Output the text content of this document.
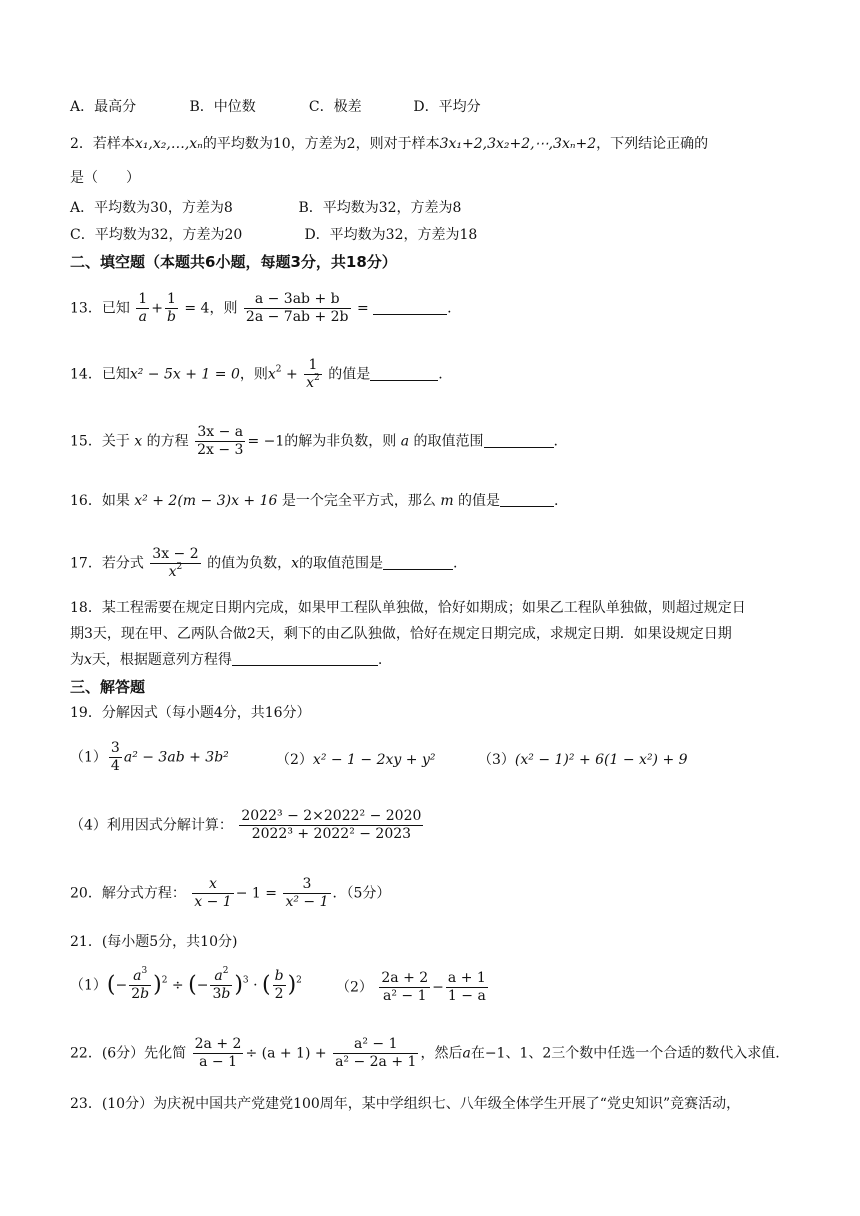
A．最高分	B．中位数	C．极差	D．平均分
2．若样本x₁,x₂,…,xₙ的平均数为10，方差为2，则对于样本3x₁+2,3x₂+2,⋯,3xₙ+2，下列结论正确的
是（　　）
A．平均数为30，方差为8	B．平均数为32，方差为8
C．平均数为32，方差为20	D．平均数为32，方差为18
二、填空题（本题共6小题，每题3分，共18分）
13．已知 $\frac{1}{a} + \frac{1}{b} = 4$，则 $\frac{a - 3ab + b}{2a - 7ab + 2b}$ =	.
14．已知x² − 5x + 1 = 0，则$x^2 + \frac{1}{x^2}$ 的值是	.
15．关于 x 的方程 $\frac{3x - a}{2x - 3} = -1$的解为非负数，则 a 的取值范围	.
16．如果 x² + 2(m − 3)x + 16 是一个完全平方式，那么 m 的值是	.
17．若分式 $\frac{3x - 2}{x^2}$ 的值为负数，x的取值范围是	.
18．某工程需要在规定日期内完成，如果甲工程队单独做，恰好如期成；如果乙工程队单独做，则超过规定日
期3天，现在甲、乙两队合做2天，剩下的由乙队独做，恰好在规定日期完成，求规定日期．如果设规定日期
为x天，根据题意列方程得	.
三、解答题
19．分解因式（每小题4分，共16分）
$(1) \frac{3}{4} a^2 - 3ab + 3b^2$	（2）x² − 1 − 2xy + y²	（3）(x² − 1)² + 6(1 − x²) + 9
（4）利用因式分解计算： $\frac{\text{2022³ − 2×2022² − 2020}}{\text{2022³ + 2022² − 2023}}$
20．解分式方程： $\frac{x}{x - 1} - 1 = \frac{3}{\text{x² − 1}}$ ．（5分）
21．(每小题5分，共10分)
$(1)(- \frac{a^3}{2b} )^2$ ÷ (− $\frac{a^2}{3b} )^3$ · ( $\frac{b}{2} )^2$ $(2) \frac{2a + 2}{\text{a² − 1}} - \frac{a + 1}{1 - a}$
22．(6分）先化简 $\frac{2a + 2}{a - 1} \div (a + 1) + \frac{\text{a² − 1}}{\text{a² − 2a + 1}}$ ，然后a在−1、1、2三个数中任选一个合适的数代入求值.
23．(10分）为庆祝中国共产党建党100周年，某中学组织七、八年级全体学生开展了“党史知识”竞赛活动，
